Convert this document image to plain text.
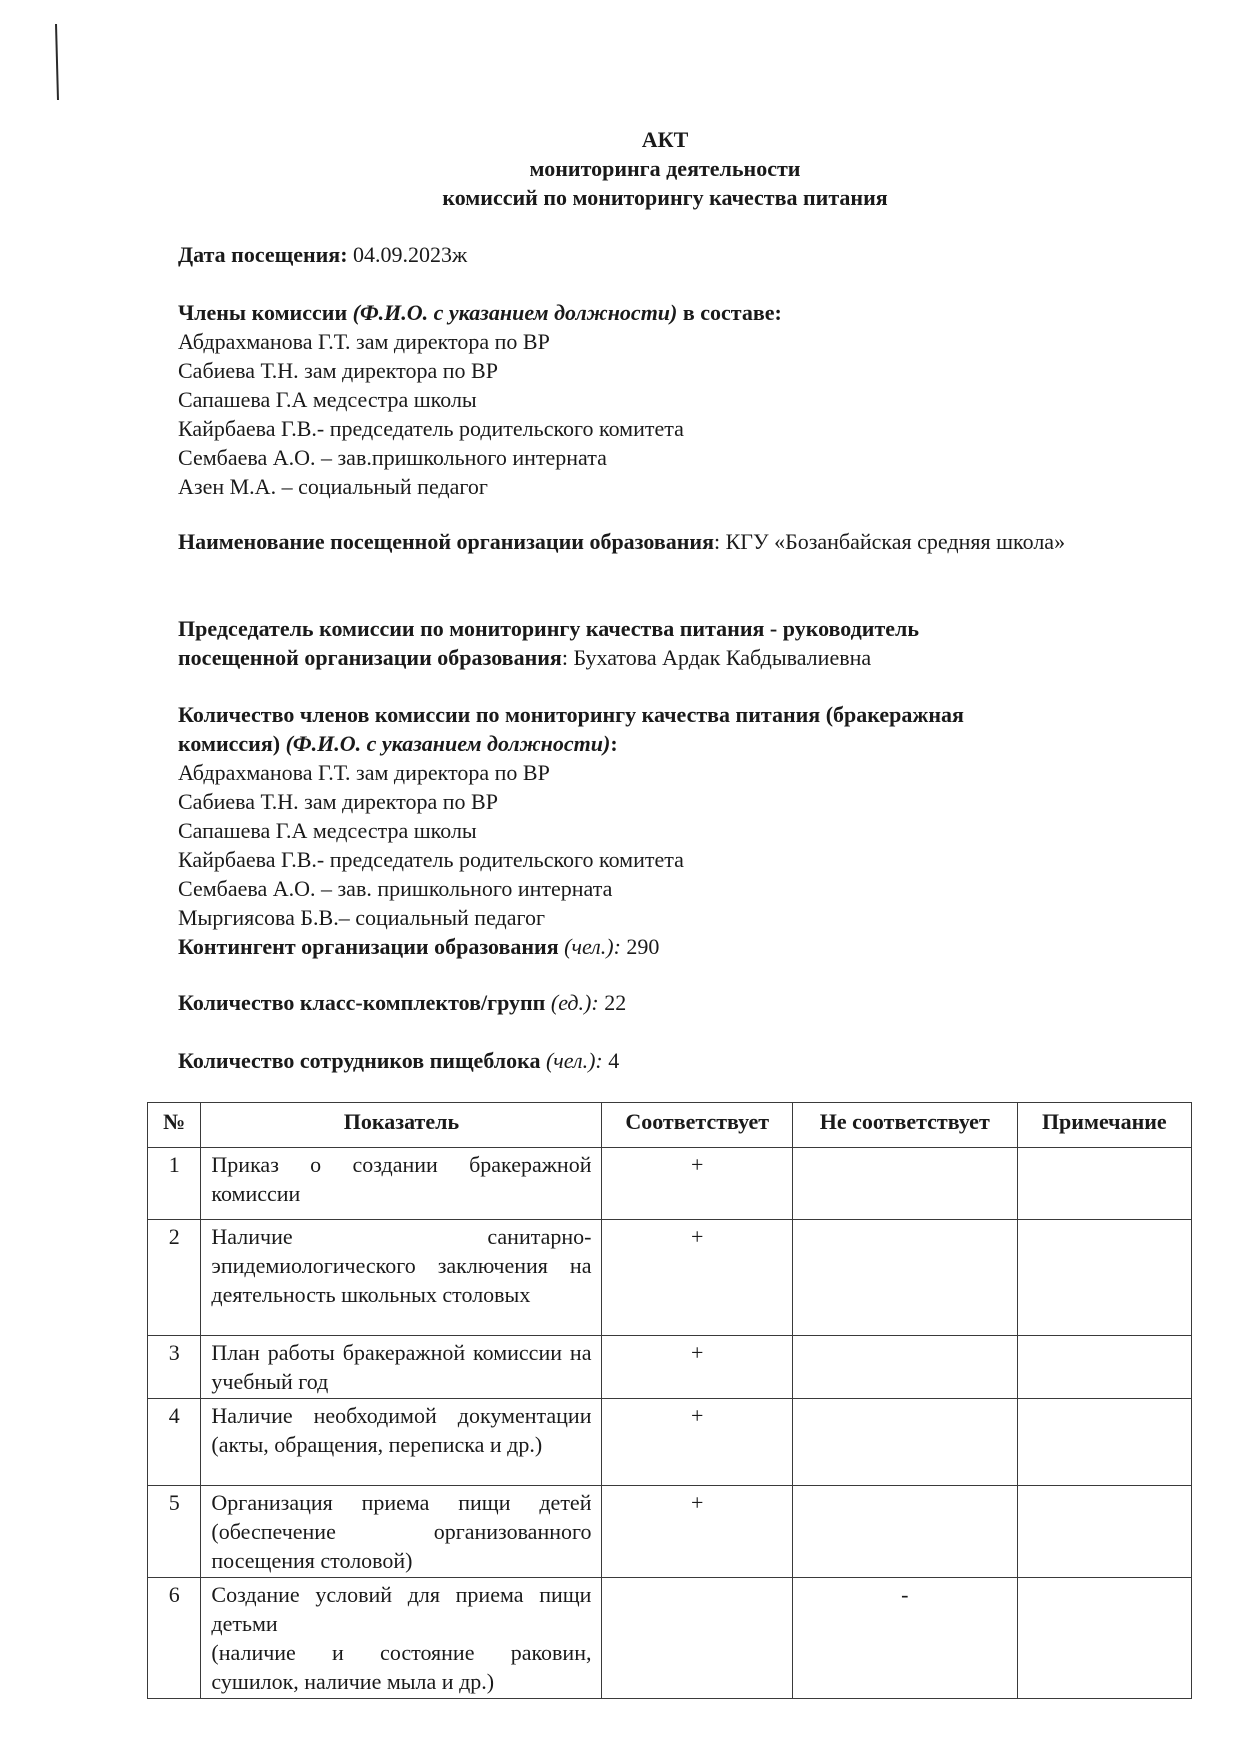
АКТ
мониторинга деятельности
комиссий по мониторингу качества питания
Дата посещения: 04.09.2023ж
Члены комиссии (Ф.И.О. с указанием должности) в составе:
Абдрахманова Г.Т. зам директора по ВР
Сабиева Т.Н. зам директора по ВР
Сапашева Г.А медсестра школы
Кайрбаева Г.В.- председатель родительского комитета
Сембаева А.О. – зав.пришкольного интерната
Азен М.А. – социальный педагог
Наименование посещенной организации образования: КГУ «Бозанбайская средняя школа»
Председатель комиссии по мониторингу качества питания - руководитель
посещенной организации образования: Бухатова Ардак Кабдывалиевна
Количество членов комиссии по мониторингу качества питания (бракеражная
комиссия) (Ф.И.О. с указанием должности):
Абдрахманова Г.Т. зам директора по ВР
Сабиева Т.Н. зам директора по ВР
Сапашева Г.А медсестра школы
Кайрбаева Г.В.- председатель родительского комитета
Сембаева А.О. – зав. пришкольного интерната
Мыргиясова Б.В.– социальный педагог
Контингент организации образования (чел.): 290
Количество класс-комплектов/групп (ед.): 22
Количество сотрудников пищеблока (чел.): 4
№	Показатель	Соответствует	Не соответствует	Примечание
1	Приказ о создании бракеражной комиссии	+		
2	Наличие санитарно-эпидемиологического заключения на деятельность школьных столовых	+		
3	План работы бракеражной комиссии на учебный год	+		
4	Наличие необходимой документации (акты, обращения, переписка и др.)	+		
5	Организация приема пищи детей (обеспечение организованного посещения столовой)	+		
6	Создание условий для приема пищи детьми
(наличие и состояние раковин, сушилок, наличие мыла и др.)		-	
